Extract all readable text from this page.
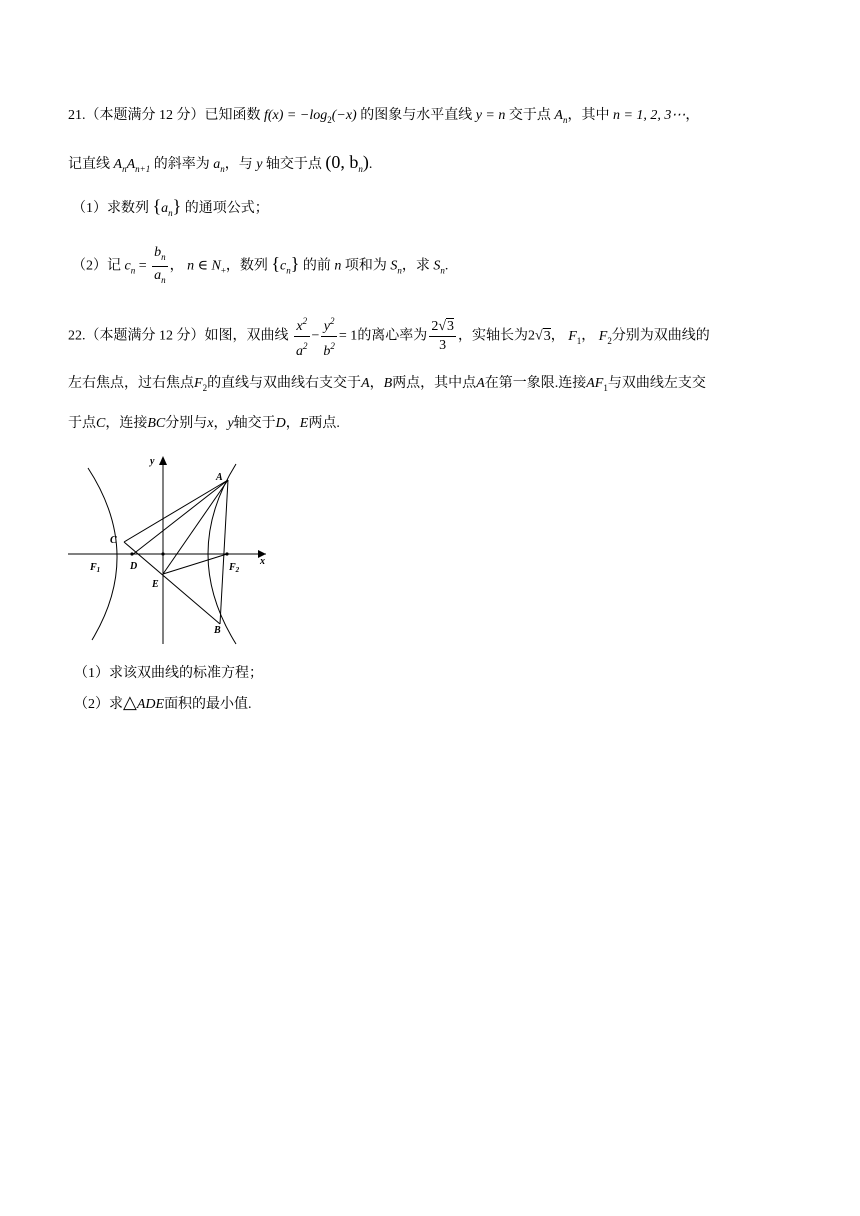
21.（本题满分 12 分）已知函数 $f(x) = -\log_2(-x)$ 的图象与水平直线 y = n 交于点 $A_n$，其中 n = 1, 2, 3⋯，
记直线 $A_nA_{n+1}$ 的斜率为 $a_n$，与 y 轴交于点 (0, $b_n$).
（1）求数列 $\{a_n\}$ 的通项公式；
（2）记 $c_n = \frac{b_n}{a_n}$ ， n ∈ $N_+$，数列 $\{c_n\}$ 的前 n 项和为 $S_n$，求 $S_n$.
22.（本题满分 12 分）如图，双曲线 $\frac{x^2}{a^2} - \frac{y^2}{b^2} = 1$的离心率为 $\frac{2√3}{3}$ ，实轴长为2√3， $F_1$， $F_2$分别为双曲线的
左右焦点，过右焦点$F_2$的直线与双曲线右支交于A，B两点，其中点A在第一象限.连接$AF_1$与双曲线左支交
于点C，连接BC分别与x，y轴交于D，E两点.
y
x
A
B
C
D
E
$F_1$	$F_2$
（1）求该双曲线的标准方程；
（2）求△ADE面积的最小值.
